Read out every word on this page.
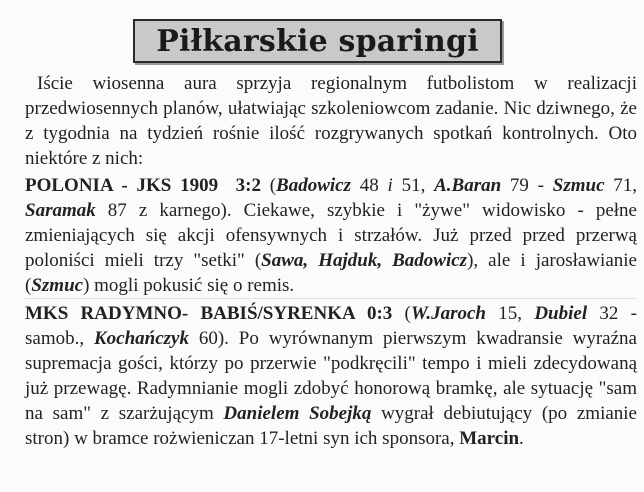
Piłkarskie sparingi

Iście wiosenna aura sprzyja regionalnym futbolistom w realizacji przedwiosennych planów, ułatwiając szkoleniowcom zadanie. Nic dziwnego, że z tygodnia na tydzień rośnie ilość rozgrywanych spotkań kontrolnych. Oto niektóre z nich:

POLONIA - JKS 1909 3:2 (Badowicz 48 i 51, A.Baran 79 - Szmuc 71, Saramak 87 z karnego). Ciekawe, szybkie i "żywe" widowisko - pełne zmieniających się akcji ofensywnych i strzałów. Już przed przed przerwą poloniści mieli trzy "setki" (Sawa, Hajduk, Badowicz), ale i jarosławianie (Szmuc) mogli pokusić się o remis.

MKS RADYMNO- BABIŚ/SYRENKA 0:3 (W.Jaroch 15, Dubiel 32 - samob., Kochańczyk 60). Po wyrównanym pierwszym kwadransie wyraźna supremacja gości, którzy po przerwie "podkręcili" tempo i mieli zdecydowaną już przewagę. Radymnianie mogli zdobyć honorową bramkę, ale sytuację "sam na sam" z szarżującym Danielem Sobejką wygrał debiutujący (po zmianie stron) w bramce rożwieniczan 17-letni syn ich sponsora, Marcin.
